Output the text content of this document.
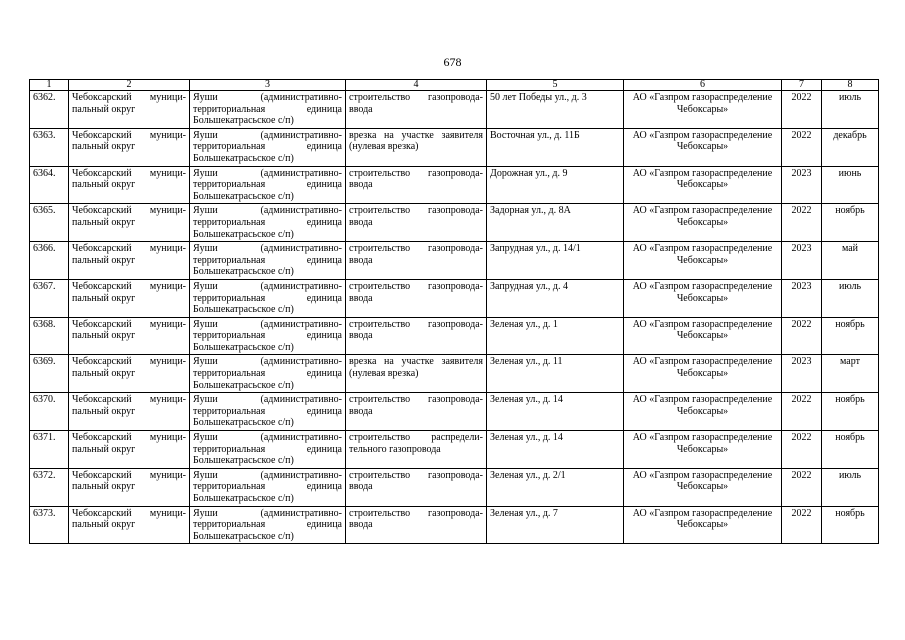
678
1	2	3	4	5	6	7	8
6362.	Чебоксарский муници-пальный округ	Яуши (административно-территориальная единица Большекатрасьское с/п)	строительство газопровода-ввода	50 лет Победы ул., д. 3	АО «Газпром газораспределение Чебоксары»	2022	июль
6363.	Чебоксарский муници-пальный округ	Яуши (административно-территориальная единица Большекатрасьское с/п)	врезка на участке заявителя (нулевая врезка)	Восточная ул., д. 11Б	АО «Газпром газораспределение Чебоксары»	2022	декабрь
6364.	Чебоксарский муници-пальный округ	Яуши (административно-территориальная единица Большекатрасьское с/п)	строительство газопровода-ввода	Дорожная ул., д. 9	АО «Газпром газораспределение Чебоксары»	2023	июнь
6365.	Чебоксарский муници-пальный округ	Яуши (административно-территориальная единица Большекатрасьское с/п)	строительство газопровода-ввода	Задорная ул., д. 8А	АО «Газпром газораспределение Чебоксары»	2022	ноябрь
6366.	Чебоксарский муници-пальный округ	Яуши (административно-территориальная единица Большекатрасьское с/п)	строительство газопровода-ввода	Запрудная ул., д. 14/1	АО «Газпром газораспределение Чебоксары»	2023	май
6367.	Чебоксарский муници-пальный округ	Яуши (административно-территориальная единица Большекатрасьское с/п)	строительство газопровода-ввода	Запрудная ул., д. 4	АО «Газпром газораспределение Чебоксары»	2023	июль
6368.	Чебоксарский муници-пальный округ	Яуши (административно-территориальная единица Большекатрасьское с/п)	строительство газопровода-ввода	Зеленая ул., д. 1	АО «Газпром газораспределение Чебоксары»	2022	ноябрь
6369.	Чебоксарский муници-пальный округ	Яуши (административно-территориальная единица Большекатрасьское с/п)	врезка на участке заявителя (нулевая врезка)	Зеленая ул., д. 11	АО «Газпром газораспределение Чебоксары»	2023	март
6370.	Чебоксарский муници-пальный округ	Яуши (административно-территориальная единица Большекатрасьское с/п)	строительство газопровода-ввода	Зеленая ул., д. 14	АО «Газпром газораспределение Чебоксары»	2022	ноябрь
6371.	Чебоксарский муници-пальный округ	Яуши (административно-территориальная единица Большекатрасьское с/п)	строительство распредели-тельного газопровода	Зеленая ул., д. 14	АО «Газпром газораспределение Чебоксары»	2022	ноябрь
6372.	Чебоксарский муници-пальный округ	Яуши (административно-территориальная единица Большекатрасьское с/п)	строительство газопровода-ввода	Зеленая ул., д. 2/1	АО «Газпром газораспределение Чебоксары»	2022	июль
6373.	Чебоксарский муници-пальный округ	Яуши (административно-территориальная единица Большекатрасьское с/п)	строительство газопровода-ввода	Зеленая ул., д. 7	АО «Газпром газораспределение Чебоксары»	2022	ноябрь
